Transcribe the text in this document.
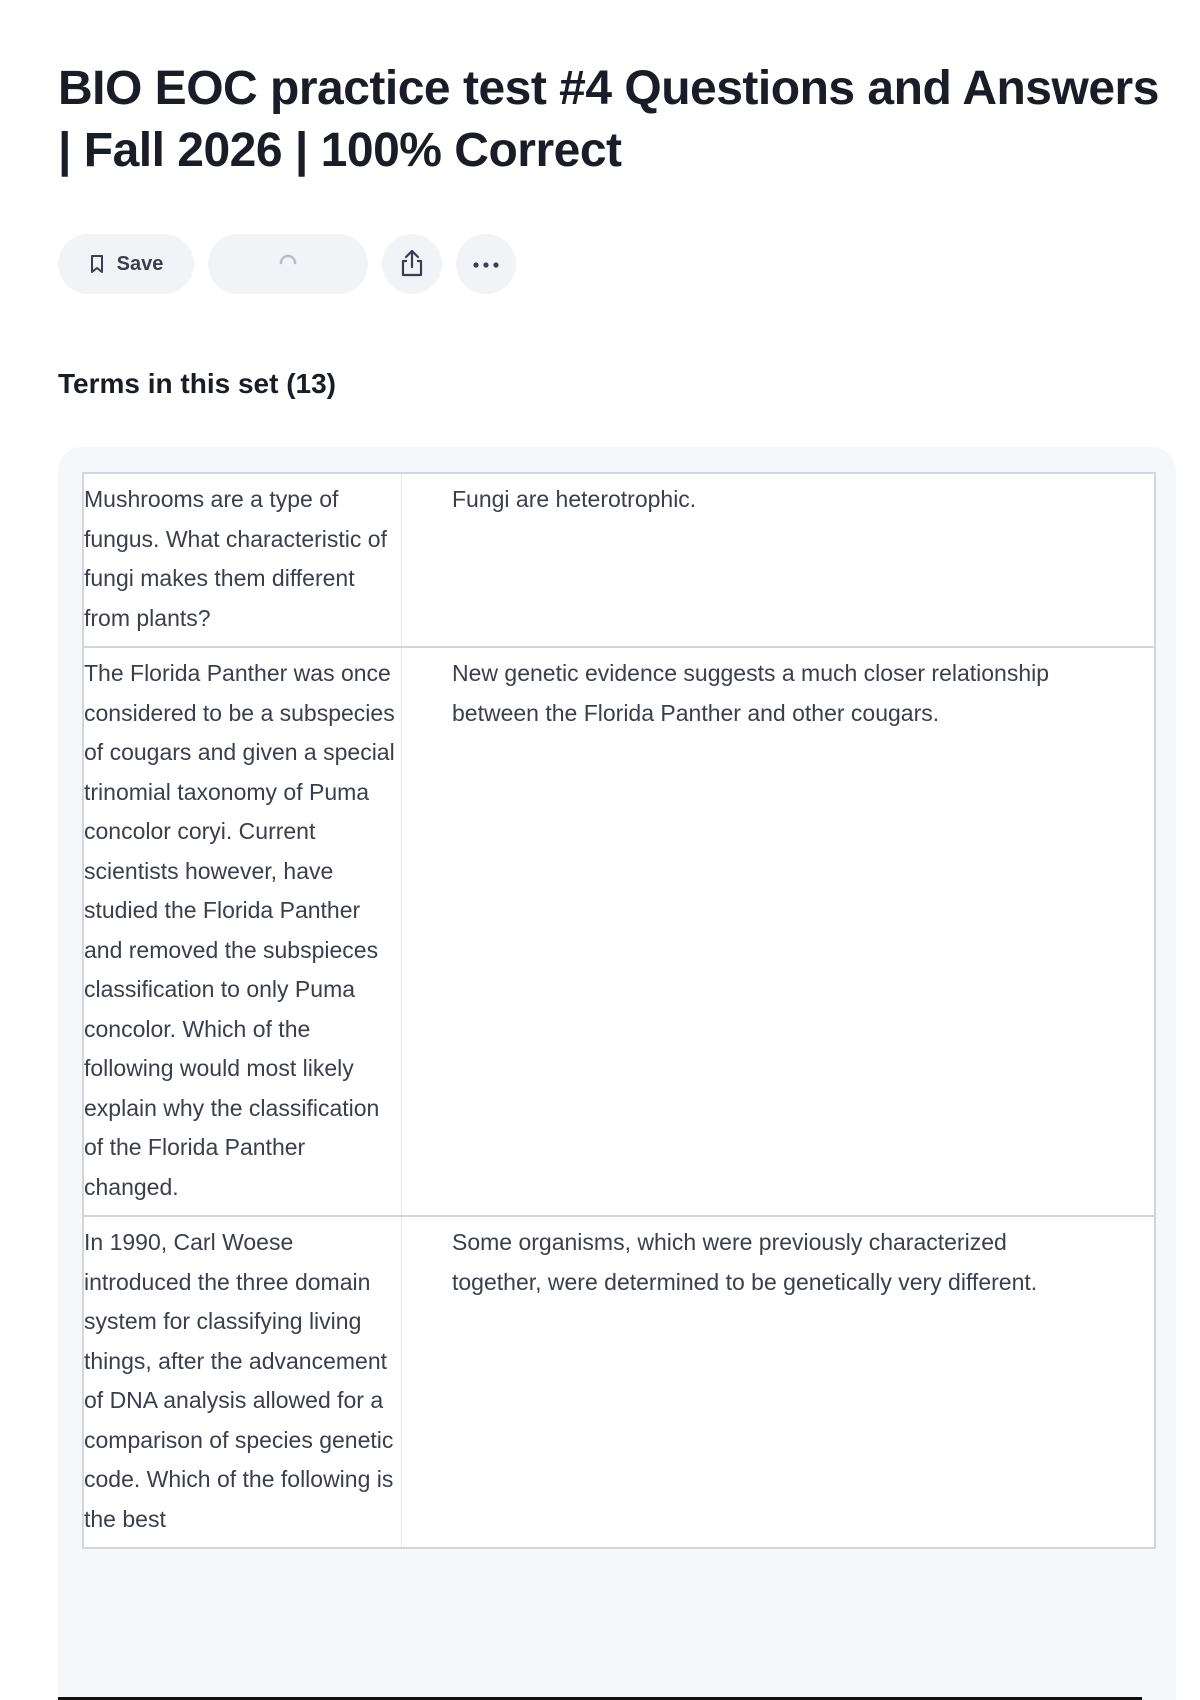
BIO EOC practice test #4 Questions and Answers | Fall 2026 | 100% Correct
Save
Terms in this set (13)
Mushrooms are a type of fungus. What characteristic of fungi makes them different from plants?
Fungi are heterotrophic.
The Florida Panther was once considered to be a subspecies of cougars and given a special trinomial taxonomy of Puma concolor coryi. Current scientists however, have studied the Florida Panther and removed the subspieces classification to only Puma concolor. Which of the following would most likely explain why the classification of the Florida Panther changed.
New genetic evidence suggests a much closer relationship between the Florida Panther and other cougars.
In 1990, Carl Woese introduced the three domain system for classifying living things, after the advancement of DNA analysis allowed for a comparison of species genetic code. Which of the following is the best
Some organisms, which were previously characterized together, were determined to be genetically very different.
